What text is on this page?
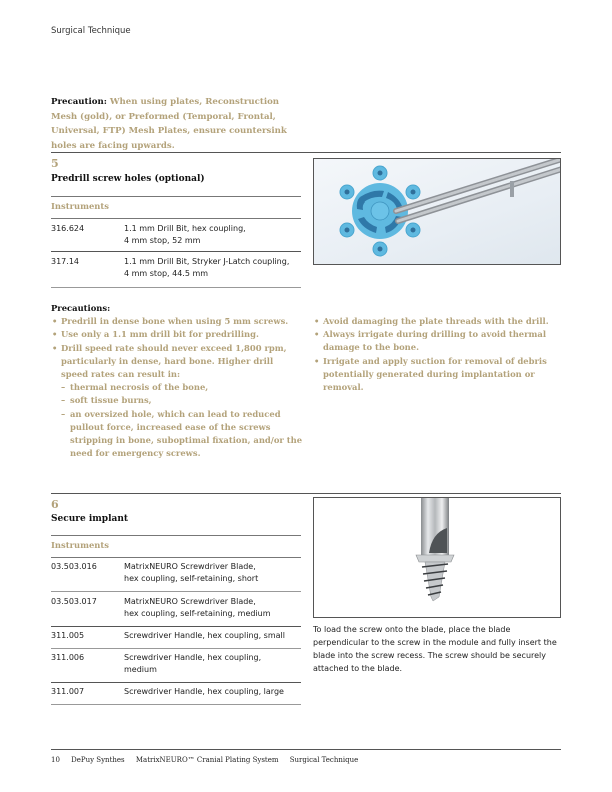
Surgical Technique
Precaution: When using plates, Reconstruction Mesh (gold), or Preformed (Temporal, Frontal, Universal, FTP) Mesh Plates, ensure countersink holes are facing upwards.
5
Predrill screw holes (optional)
Instruments
316.624	1.1 mm Drill Bit, hex coupling,
4 mm stop, 52 mm
317.14	1.1 mm Drill Bit, Stryker J-Latch coupling,
4 mm stop, 44.5 mm
Precautions:
• Predrill in dense bone when using 5 mm screws.
• Use only a 1.1 mm drill bit for predrilling.
• Drill speed rate should never exceed 1,800 rpm, particularly in dense, hard bone. Higher drill speed rates can result in:
– thermal necrosis of the bone,
– soft tissue burns,
– an oversized hole, which can lead to reduced pullout force, increased ease of the screws stripping in bone, suboptimal fixation, and/or the need for emergency screws.
• Avoid damaging the plate threads with the drill.
• Always irrigate during drilling to avoid thermal damage to the bone.
• Irrigate and apply suction for removal of debris potentially generated during implantation or removal.
6
Secure implant
Instruments
03.503.016	MatrixNEURO Screwdriver Blade,
hex coupling, self-retaining, short
03.503.017	MatrixNEURO Screwdriver Blade,
hex coupling, self-retaining, medium
311.005	Screwdriver Handle, hex coupling, small
311.006	Screwdriver Handle, hex coupling,
medium
311.007	Screwdriver Handle, hex coupling, large
To load the screw onto the blade, place the blade perpendicular to the screw in the module and fully insert the blade into the screw recess. The screw should be securely attached to the blade.
10 DePuy Synthes MatrixNEURO™ Cranial Plating System Surgical Technique
